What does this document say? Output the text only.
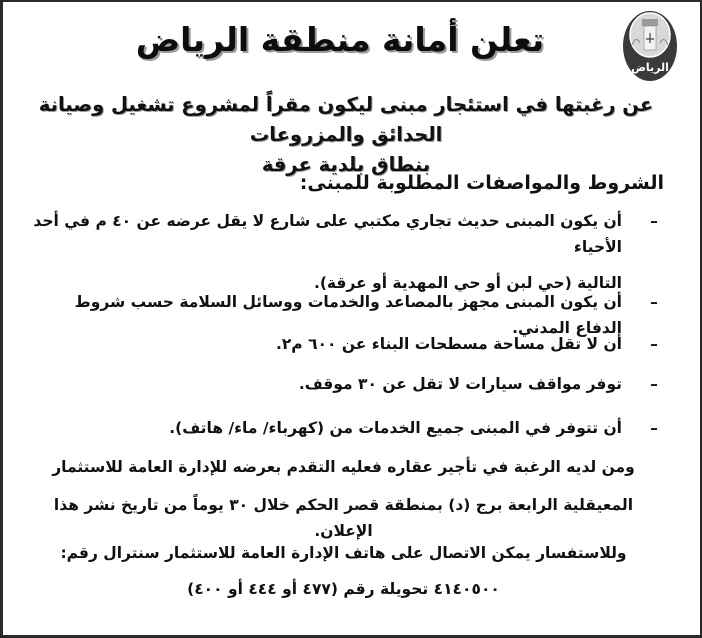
الرياض
تعلن أمانة منطقة الرياض
عن رغبتها في استئجار مبنى ليكون مقراً لمشروع تشغيل وصيانة الحدائق والمزروعات
بنطاق بلدية عرقة
الشروط والمواصفات المطلوبة للمبنى:
–
أن يكون المبنى حديث تجاري مكتبي على شارع لا يقل عرضه عن ٤٠ م في أحد الأحياء
التالية (حي لبن أو حي المهدية أو عرقة).
–
أن يكون المبنى مجهز بالمصاعد والخدمات ووسائل السلامة حسب شروط الدفاع المدني.
–
أن لا تقل مساحة مسطحات البناء عن ٦٠٠ م٢.
–
توفر مواقف سيارات لا تقل عن ٣٠ موقف.
–
أن تتوفر في المبنى جميع الخدمات من (كهرباء/ ماء/ هاتف).
ومن لديه الرغبة في تأجير عقاره فعليه التقدم بعرضه للإدارة العامة للاستثمار
المعيقلية الرابعة برج (د) بمنطقة قصر الحكم خلال ٣٠ يوماً من تاريخ نشر هذا الإعلان.
وللاستفسار يمكن الاتصال على هاتف الإدارة العامة للاستثمار سنترال رقم:
٤١٤٠٥٠٠ تحويلة رقم (٤٧٧ أو ٤٤٤ أو ٤٠٠)
